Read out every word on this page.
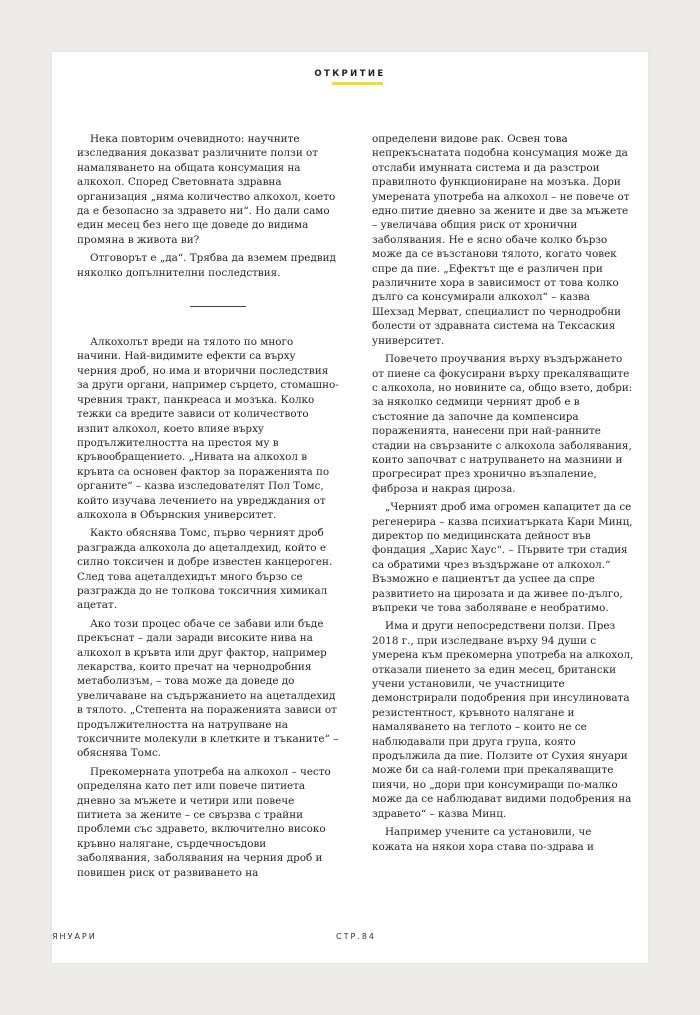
ОТКРИТИЕ

Нека повторим очевидното: научните изследвания доказват различните ползи от намаляването на общата консумация на алкохол. Според Световната здравна организация „няма количество алкохол, което да е безопасно за здравето ни“. Но дали само един месец без него ще доведе до видима промяна в живота ви?

Отговорът е „да“. Трябва да вземем предвид няколко допълнителни последствия.

Алкохолът вреди на тялото по много начини. Най-видимите ефекти са върху черния дроб, но има и вторични последствия за други органи, например сърцето, стомашно-чревния тракт, панкреаса и мозъка. Колко тежки са вредите зависи от количеството изпит алкохол, което влияе върху продължителността на престоя му в кръвообращението. „Нивата на алкохол в кръвта са основен фактор за пораженията по органите“ – казва изследователят Пол Томс, който изучава лечението на увредждания от алкохола в Обърнския университет.

Както обяснява Томс, първо черният дроб разгражда алкохола до ацеталдехид, който е силно токсичен и добре известен канцероген. След това ацеталдехидът много бързо се разгражда до не толкова токсичния химикал ацетат.

Ако този процес обаче се забави или бъде прекъснат – дали заради високите нива на алкохол в кръвта или друг фактор, например лекарства, които пречат на чернодробния метаболизъм, – това може да доведе до увеличаване на съдържанието на ацеталдехид в тялото. „Степента на пораженията зависи от продължителността на натрупване на токсичните молекули в клетките и тъканите“ – обяснява Томс.

Прекомерната употреба на алкохол – често определяна като пет или повече питиета дневно за мъжете и четири или повече питиета за жените – се свързва с трайни проблеми със здравето, включително високо кръвно налягане, сърдечносъдови заболявания, заболявания на черния дроб и повишен риск от развиването на

определени видове рак. Освен това непрекъснатата подобна консумация може да отслаби имунната система и да разстрои правилното функциониране на мозъка. Дори умерената употреба на алкохол – не повече от едно питие дневно за жените и две за мъжете – увеличава общия риск от хронични заболявания. Не е ясно обаче колко бързо може да се възстанови тялото, когато човек спре да пие. „Ефектът ще е различен при различните хора в зависимост от това колко дълго са консумирали алкохол“ – казва Шехзад Мерват, специалист по чернодробни болести от здравната система на Тексаския университет.

Повечето проучвания върху въздържането от пиене са фокусирани върху прекаляващите с алкохола, но новините са, общо взето, добри: за няколко седмици черният дроб е в състояние да започне да компенсира пораженията, нанесени при най-ранните стадии на свързаните с алкохола заболявания, които започват с натрупването на мазнини и прогресират през хронично възпаление, фиброза и накрая цироза.

„Черният дроб има огромен капацитет да се регенерира – казва психиатърката Кари Минц, директор по медицинската дейност във фондация „Харис Хаус“. – Първите три стадия са обратими чрез въздържане от алкохол.“ Възможно е пациентът да успее да спре развитието на цирозата и да живее по-дълго, въпреки че това заболяване е необратимо.

Има и други непосредствени ползи. През 2018 г., при изследване върху 94 души с умерена към прекомерна употреба на алкохол, отказали пиенето за един месец, британски учени установили, че участниците демонстрирали подобрения при инсулиновата резистентност, кръвното налягане и намаляването на теглото – които не се наблюдавали при друга група, която продължила да пие. Ползите от Сухия януари може би са най-големи при прекаляващите пиячи, но „дори при консумиращи по-малко може да се наблюдават видими подобрения на здравето“ – казва Минц.

Например учените са установили, че кожата на някои хора става по-здрава и

ЯНУАРИ	СТР.84
